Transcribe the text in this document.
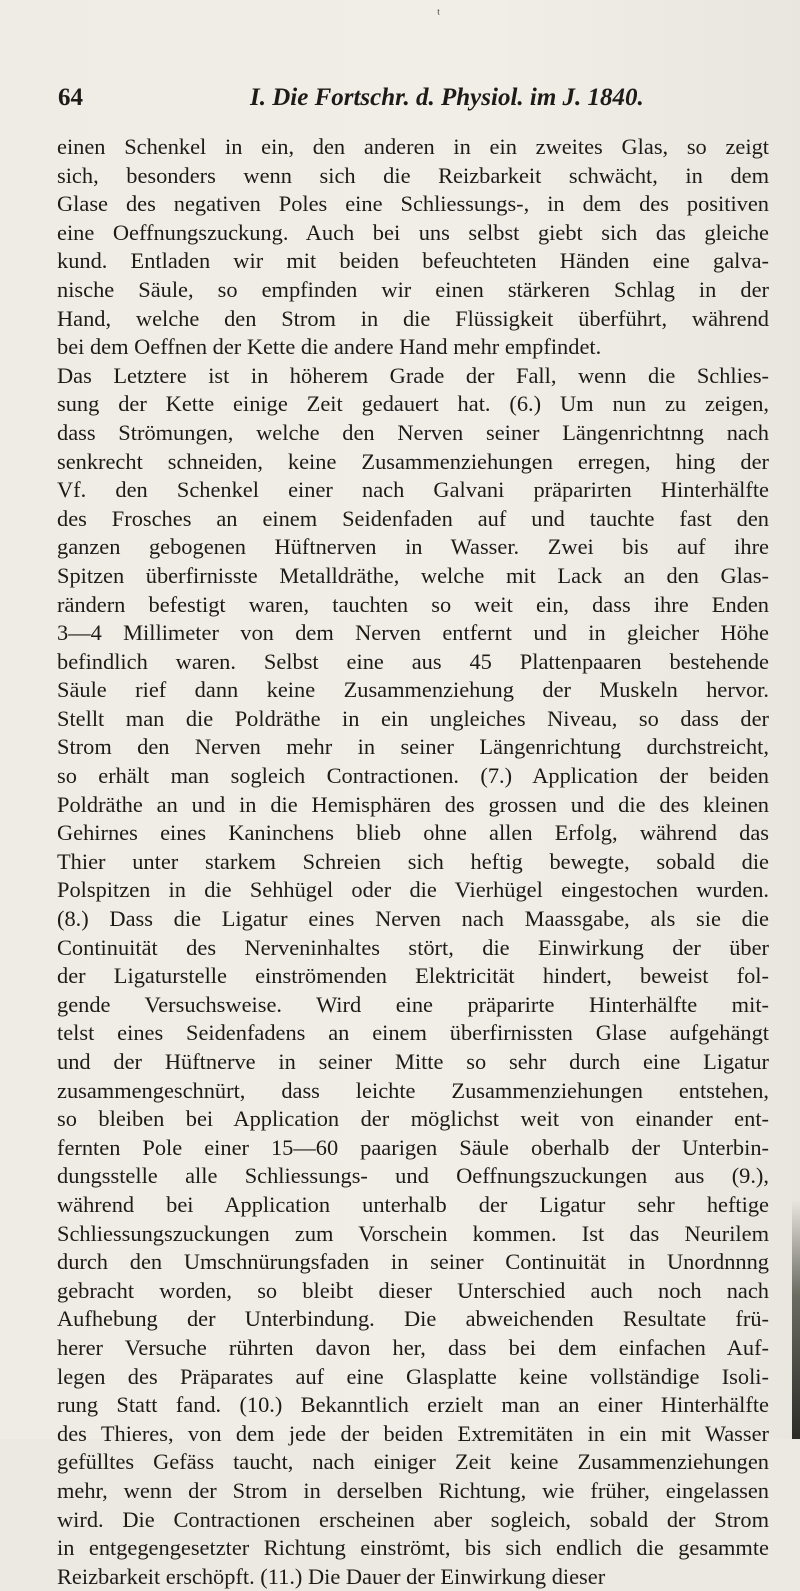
ᵗ
64	I. Die Fortschr. d. Physiol. im J. 1840.
einen Schenkel in ein, den anderen in ein zweites Glas, so zeigt
sich, besonders wenn sich die Reizbarkeit schwächt, in dem
Glase des negativen Poles eine Schliessungs-, in dem des positiven
eine Oeffnungszuckung. Auch bei uns selbst giebt sich das gleiche
kund. Entladen wir mit beiden befeuchteten Händen eine galva-
nische Säule, so empfinden wir einen stärkeren Schlag in der
Hand, welche den Strom in die Flüssigkeit überführt, während
bei dem Oeffnen der Kette die andere Hand mehr empfindet.
Das Letztere ist in höherem Grade der Fall, wenn die Schlies-
sung der Kette einige Zeit gedauert hat. (6.) Um nun zu zeigen,
dass Strömungen, welche den Nerven seiner Längenrichtnng nach
senkrecht schneiden, keine Zusammenziehungen erregen, hing der
Vf. den Schenkel einer nach Galvani präparirten Hinterhälfte
des Frosches an einem Seidenfaden auf und tauchte fast den
ganzen gebogenen Hüftnerven in Wasser. Zwei bis auf ihre
Spitzen überfirnisste Metalldräthe, welche mit Lack an den Glas-
rändern befestigt waren, tauchten so weit ein, dass ihre Enden
3—4 Millimeter von dem Nerven entfernt und in gleicher Höhe
befindlich waren. Selbst eine aus 45 Plattenpaaren bestehende
Säule rief dann keine Zusammenziehung der Muskeln hervor.
Stellt man die Poldräthe in ein ungleiches Niveau, so dass der
Strom den Nerven mehr in seiner Längenrichtung durchstreicht,
so erhält man sogleich Contractionen. (7.) Application der beiden
Poldräthe an und in die Hemisphären des grossen und die des kleinen
Gehirnes eines Kaninchens blieb ohne allen Erfolg, während das
Thier unter starkem Schreien sich heftig bewegte, sobald die
Polspitzen in die Sehhügel oder die Vierhügel eingestochen wurden.
(8.) Dass die Ligatur eines Nerven nach Maassgabe, als sie die
Continuität des Nerveninhaltes stört, die Einwirkung der über
der Ligaturstelle einströmenden Elektricität hindert, beweist fol-
gende Versuchsweise. Wird eine präparirte Hinterhälfte mit-
telst eines Seidenfadens an einem überfirnissten Glase aufgehängt
und der Hüftnerve in seiner Mitte so sehr durch eine Ligatur
zusammengeschnürt, dass leichte Zusammenziehungen entstehen,
so bleiben bei Application der möglichst weit von einander ent-
fernten Pole einer 15—60 paarigen Säule oberhalb der Unterbin-
dungsstelle alle Schliessungs- und Oeffnungszuckungen aus (9.),
während bei Application unterhalb der Ligatur sehr heftige
Schliessungszuckungen zum Vorschein kommen. Ist das Neurilem
durch den Umschnürungsfaden in seiner Continuität in Unordnnng
gebracht worden, so bleibt dieser Unterschied auch noch nach
Aufhebung der Unterbindung. Die abweichenden Resultate frü-
herer Versuche rührten davon her, dass bei dem einfachen Auf-
legen des Präparates auf eine Glasplatte keine vollständige Isoli-
rung Statt fand. (10.) Bekanntlich erzielt man an einer Hinterhälfte
des Thieres, von dem jede der beiden Extremitäten in ein mit Wasser
gefülltes Gefäss taucht, nach einiger Zeit keine Zusammenziehungen
mehr, wenn der Strom in derselben Richtung, wie früher, eingelassen
wird. Die Contractionen erscheinen aber sogleich, sobald der Strom
in entgegengesetzter Richtung einströmt, bis sich endlich die gesammte
Reizbarkeit erschöpft. (11.) Die Dauer der Einwirkung dieser
